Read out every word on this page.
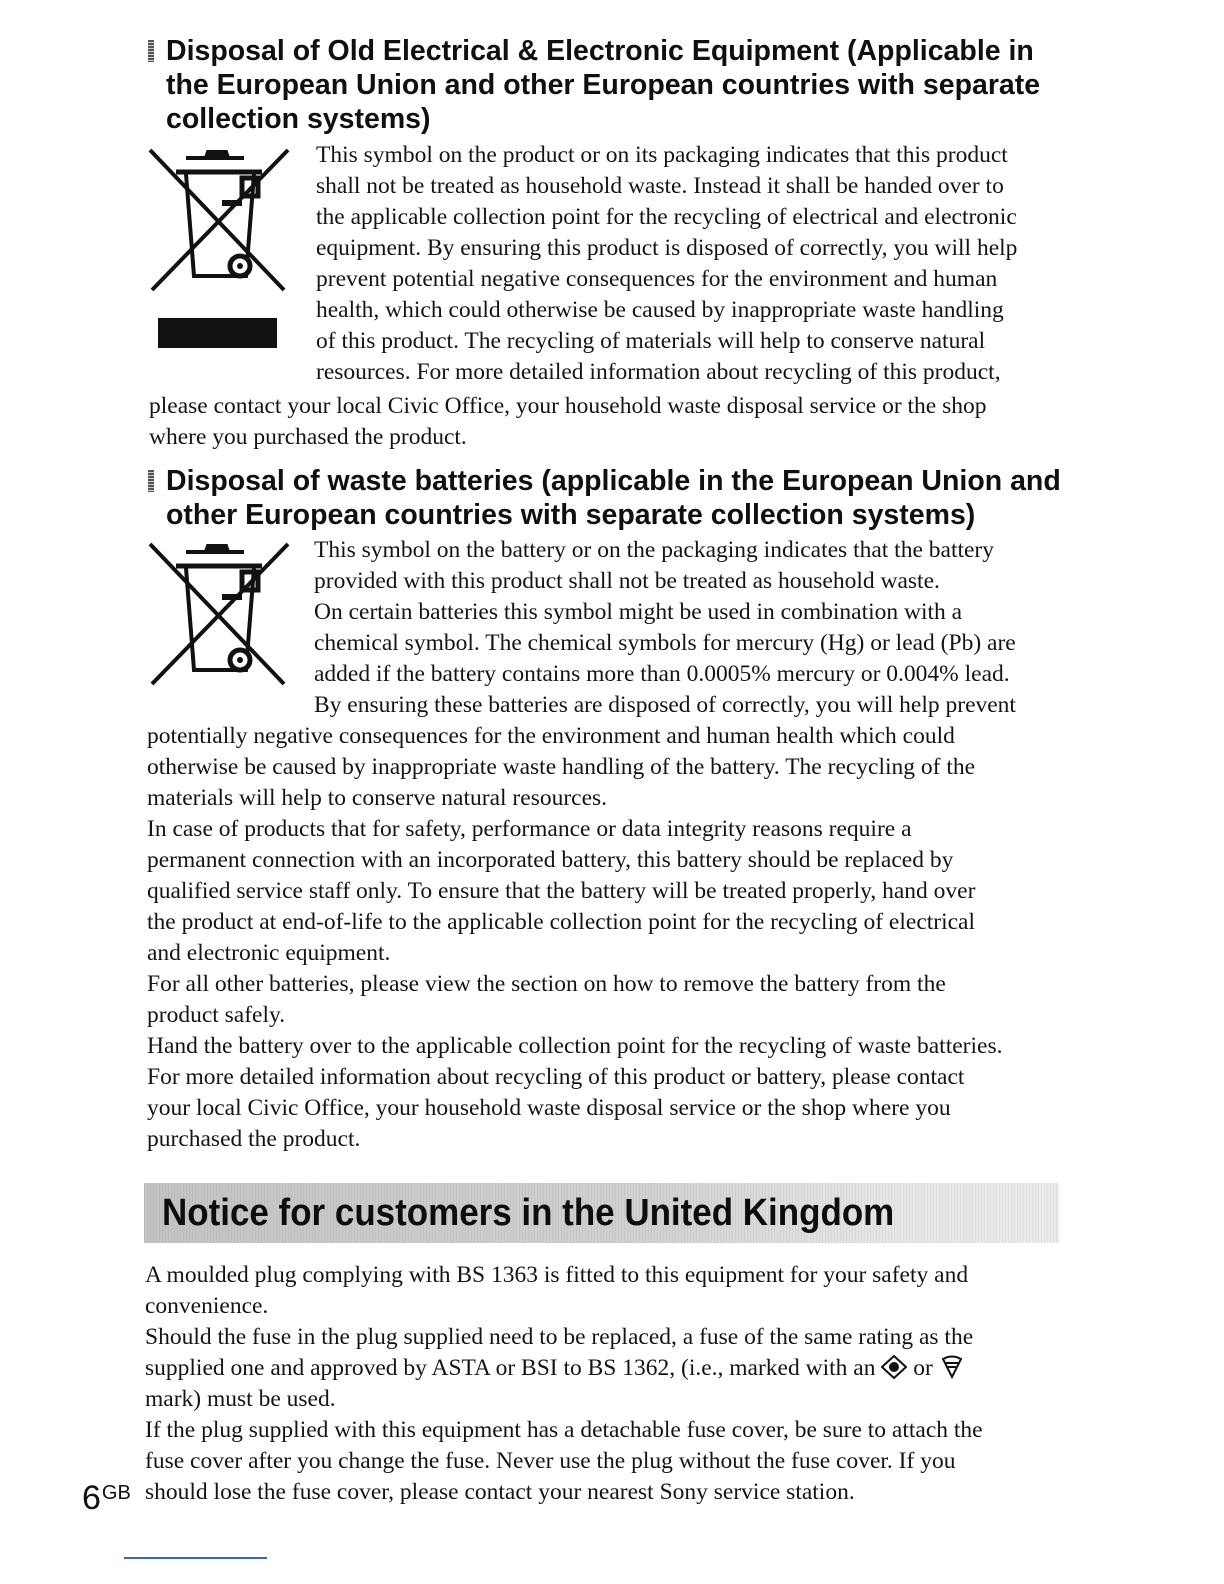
Disposal of Old Electrical & Electronic Equipment (Applicable in the European Union and other European countries with separate collection systems)

This symbol on the product or on its packaging indicates that this product

shall not be treated as household waste. Instead it shall be handed over to

the applicable collection point for the recycling of electrical and electronic

equipment. By ensuring this product is disposed of correctly, you will help

prevent potential negative consequences for the environment and human

health, which could otherwise be caused by inappropriate waste handling

of this product. The recycling of materials will help to conserve natural

resources. For more detailed information about recycling of this product,

please contact your local Civic Office, your household waste disposal service or the shop

where you purchased the product.

Disposal of waste batteries (applicable in the European Union and other European countries with separate collection systems)

This symbol on the battery or on the packaging indicates that the battery

provided with this product shall not be treated as household waste.

On certain batteries this symbol might be used in combination with a

chemical symbol. The chemical symbols for mercury (Hg) or lead (Pb) are

added if the battery contains more than 0.0005% mercury or 0.004% lead.

By ensuring these batteries are disposed of correctly, you will help prevent

potentially negative consequences for the environment and human health which could

otherwise be caused by inappropriate waste handling of the battery. The recycling of the

materials will help to conserve natural resources.

In case of products that for safety, performance or data integrity reasons require a

permanent connection with an incorporated battery, this battery should be replaced by

qualified service staff only. To ensure that the battery will be treated properly, hand over

the product at end-of-life to the applicable collection point for the recycling of electrical

and electronic equipment.

For all other batteries, please view the section on how to remove the battery from the

product safely.

Hand the battery over to the applicable collection point for the recycling of waste batteries.

For more detailed information about recycling of this product or battery, please contact

your local Civic Office, your household waste disposal service or the shop where you

purchased the product.

Notice for customers in the United Kingdom

A moulded plug complying with BS 1363 is fitted to this equipment for your safety and

convenience.

Should the fuse in the plug supplied need to be replaced, a fuse of the same rating as the

supplied one and approved by ASTA or BSI to BS 1362, (i.e., marked with an or

mark) must be used.

If the plug supplied with this equipment has a detachable fuse cover, be sure to attach the

fuse cover after you change the fuse. Never use the plug without the fuse cover. If you

should lose the fuse cover, please contact your nearest Sony service station.

6GB
